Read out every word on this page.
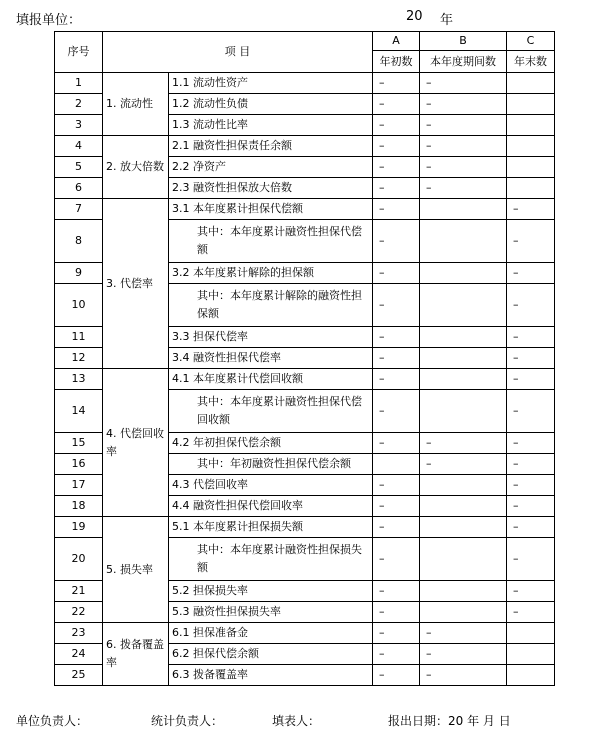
填报单位：	20 年
序号	项 目		A	B	C
			年初数	本年度期间数	年末数
1	1. 流动性	1.1 流动性资产	–	–	
2		1.2 流动性负债	–	–	
3		1.3 流动性比率	–	–	
4	2. 放大倍数	2.1 融资性担保责任余额	–	–	
5		2.2 净资产	–	–	
6		2.3 融资性担保放大倍数	–	–	
7	3. 代偿率	3.1 本年度累计担保代偿额	–		–
8		其中：本年度累计融资性担保代偿额	–		–
9		3.2 本年度累计解除的担保额	–		–
10		其中：本年度累计解除的融资性担保额	–		–
11		3.3 担保代偿率	–		–
12		3.4 融资性担保代偿率	–		–
13	4. 代偿回收率	4.1 本年度累计代偿回收额	–		–
14		其中：本年度累计融资性担保代偿回收额	–		–
15		4.2 年初担保代偿余额	–	–	–
16		其中：年初融资性担保代偿余额		–	–
17		4.3 代偿回收率	–		–
18		4.4 融资性担保代偿回收率	–		–
19	5. 损失率	5.1 本年度累计担保损失额	–		–
20		其中：本年度累计融资性担保损失额	–		–
21		5.2 担保损失率	–		–
22		5.3 融资性担保损失率	–		–
23	6. 拨备覆盖率	6.1 担保准备金	–	–	
24		6.2 担保代偿余额	–	–	
25		6.3 拨备覆盖率	–	–	
单位负责人：	统计负责人：	填表人：	报出日期：20 年 月 日
